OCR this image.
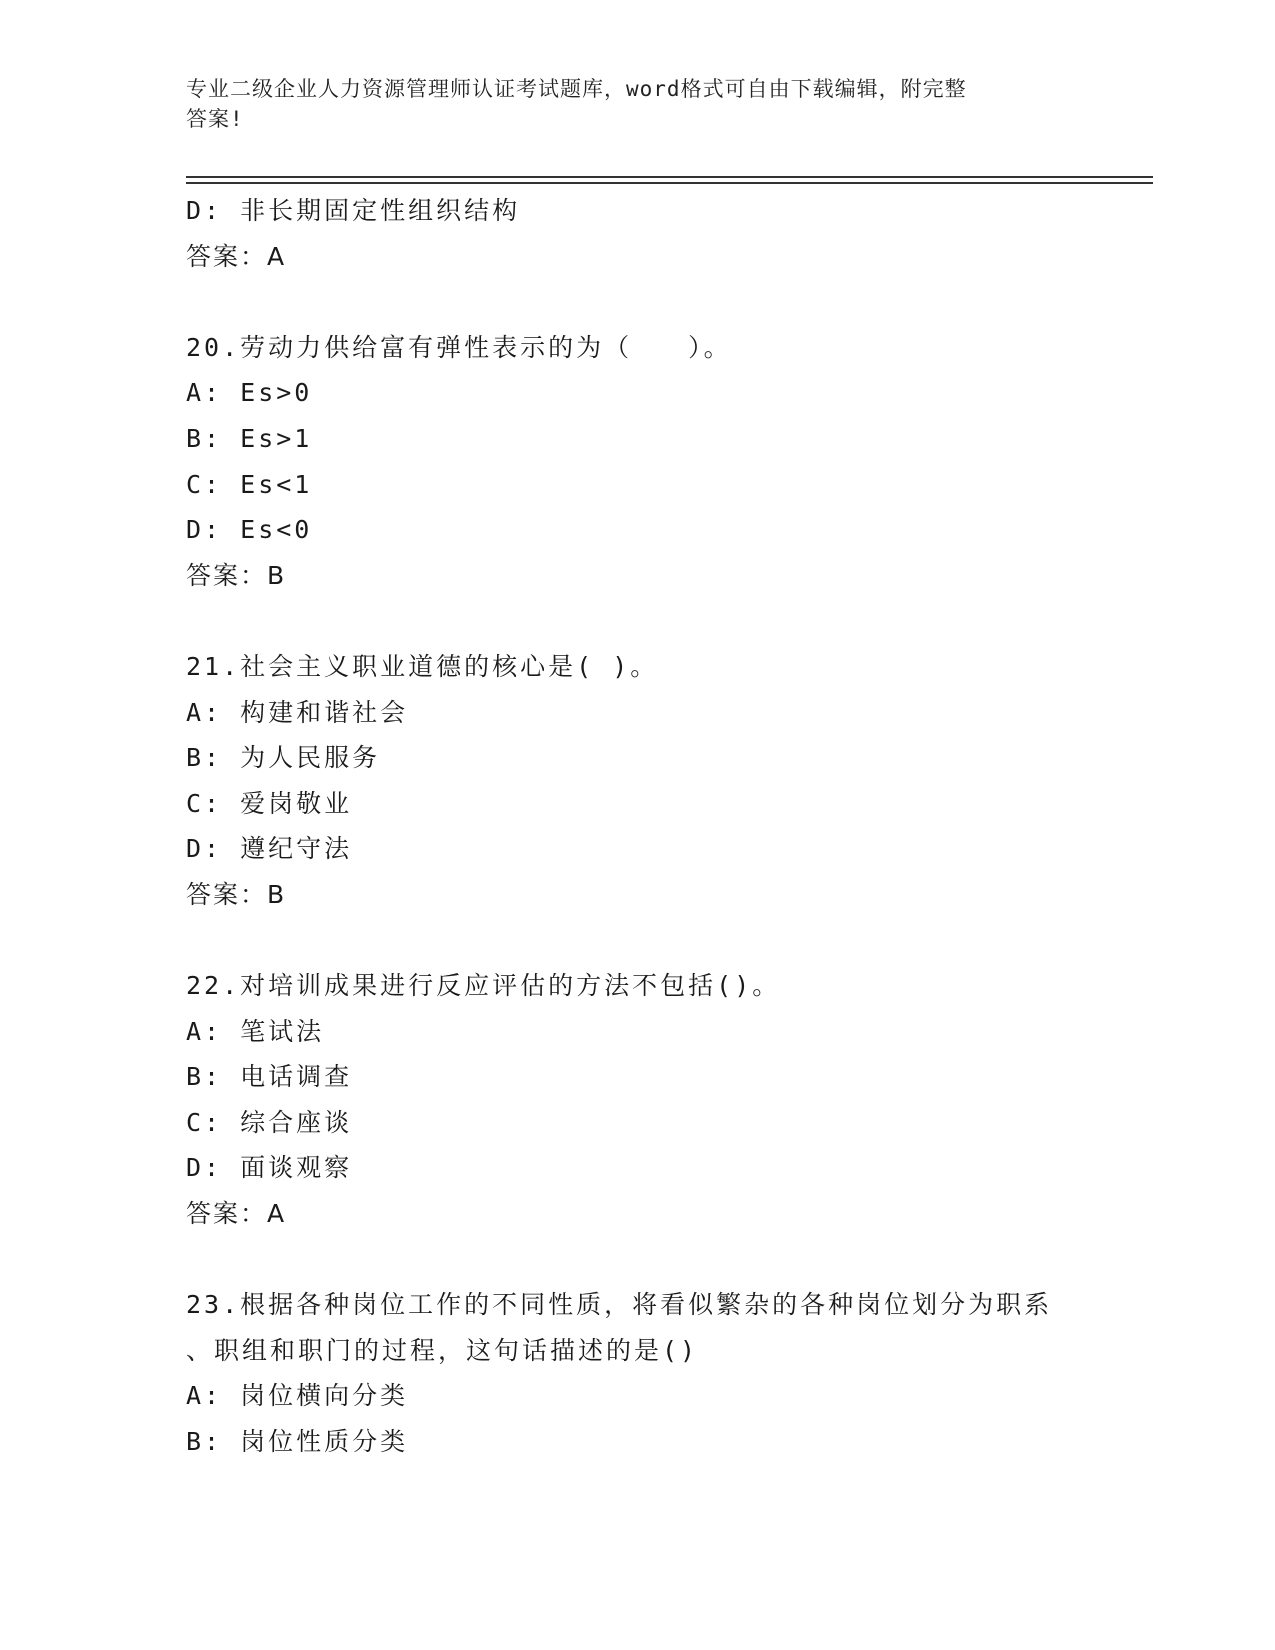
专业二级企业人力资源管理师认证考试题库，word格式可自由下载编辑，附完整
答案!
D: 非长期固定性组织结构
答案：A
20.劳动力供给富有弹性表示的为（　　）。
A: Es>0
B: Es>1
C: Es<1
D: Es<0
答案：B
21.社会主义职业道德的核心是( )。
A: 构建和谐社会
B: 为人民服务
C: 爱岗敬业
D: 遵纪守法
答案：B
22.对培训成果进行反应评估的方法不包括()。
A: 笔试法
B: 电话调查
C: 综合座谈
D: 面谈观察
答案：A
23.根据各种岗位工作的不同性质，将看似繁杂的各种岗位划分为职系
、职组和职门的过程，这句话描述的是()
A: 岗位横向分类
B: 岗位性质分类
